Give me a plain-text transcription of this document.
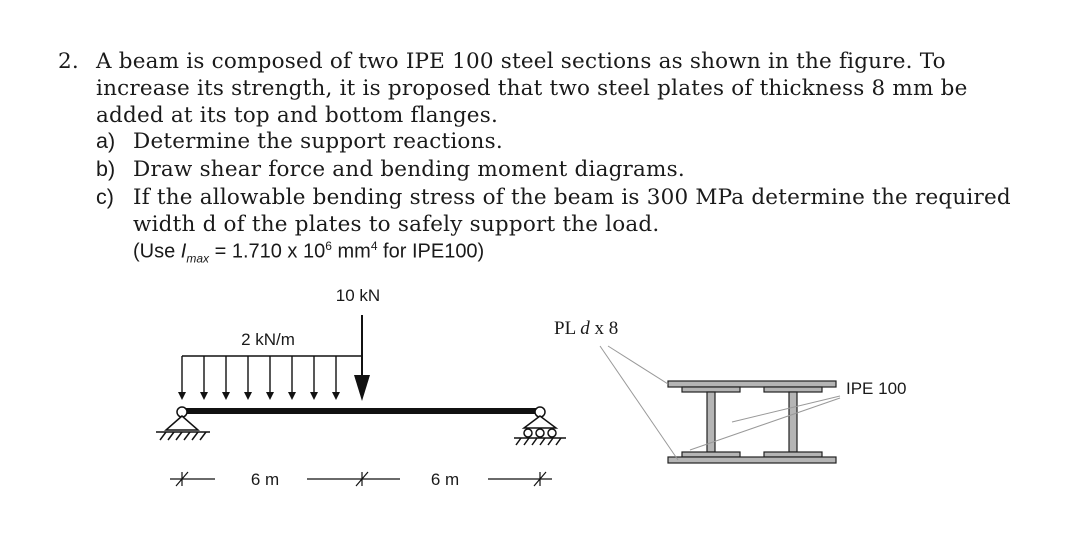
2. A beam is composed of two IPE 100 steel sections as shown in the figure. To
increase its strength, it is proposed that two steel plates of thickness 8 mm be
added at its top and bottom flanges.
a) Determine the support reactions.
b) Draw shear force and bending moment diagrams.
c) If the allowable bending stress of the beam is 300 MPa determine the required
width d of the plates to safely support the load.
(Use $I_{max} = 1.710$ x $10^6$ $mm^4$ for IPE100)
10 kN
2 kN/m
6 m	6 m
PL d x 8
IPE 100
